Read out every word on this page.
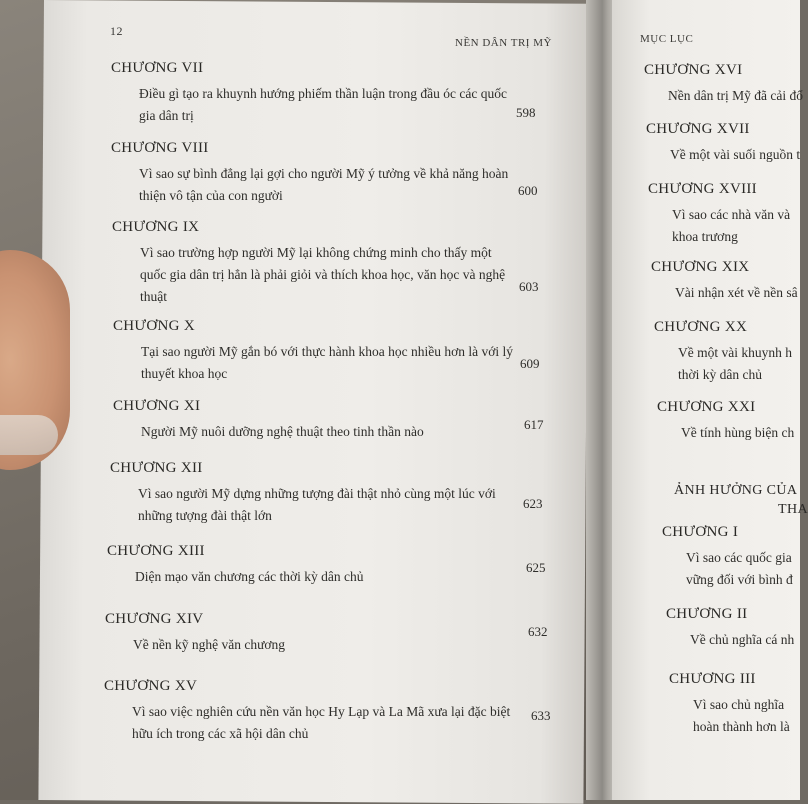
12
NỀN DÂN TRỊ MỸ	MỤC LỤC
CHƯƠNG VII
Điều gì tạo ra khuynh hướng phiếm thần luận trong đầu óc các quốc
gia dân trị	598
CHƯƠNG VIII
Vì sao sự bình đẳng lại gợi cho người Mỹ ý tưởng về khả năng hoàn
thiện vô tận của con người	600
CHƯƠNG IX
Vì sao trường hợp người Mỹ lại không chứng minh cho thấy một
quốc gia dân trị hẳn là phải giỏi và thích khoa học, văn học và nghệ
thuật
603
CHƯƠNG X
Tại sao người Mỹ gắn bó với thực hành khoa học nhiều hơn là với lý
thuyết khoa học
609
CHƯƠNG XI
Người Mỹ nuôi dưỡng nghệ thuật theo tinh thần nào	617
CHƯƠNG XII
Vì sao người Mỹ dựng những tượng đài thật nhỏ cùng một lúc với
những tượng đài thật lớn
623
CHƯƠNG XIII
Diện mạo văn chương các thời kỳ dân chủ
625
CHƯƠNG XIV
Về nền kỹ nghệ văn chương
632
CHƯƠNG XV
Vì sao việc nghiên cứu nền văn học Hy Lạp và La Mã xưa lại đặc biệt
hữu ích trong các xã hội dân chủ
633
CHƯƠNG XVI
Nền dân trị Mỹ đã cải đổ
CHƯƠNG XVII
Về một vài suối nguồn t
CHƯƠNG XVIII
Vì sao các nhà văn và
khoa trương
CHƯƠNG XIX
Vài nhận xét về nền sâ
CHƯƠNG XX
Về một vài khuynh h
thời kỳ dân chủ
CHƯƠNG XXI
Về tính hùng biện ch
ẢNH HƯỞNG CỦA
THA
CHƯƠNG I
Vì sao các quốc gia
vững đối với bình đ
CHƯƠNG II
Về chủ nghĩa cá nh
CHƯƠNG III
Vì sao chủ nghĩa
hoàn thành hơn là
